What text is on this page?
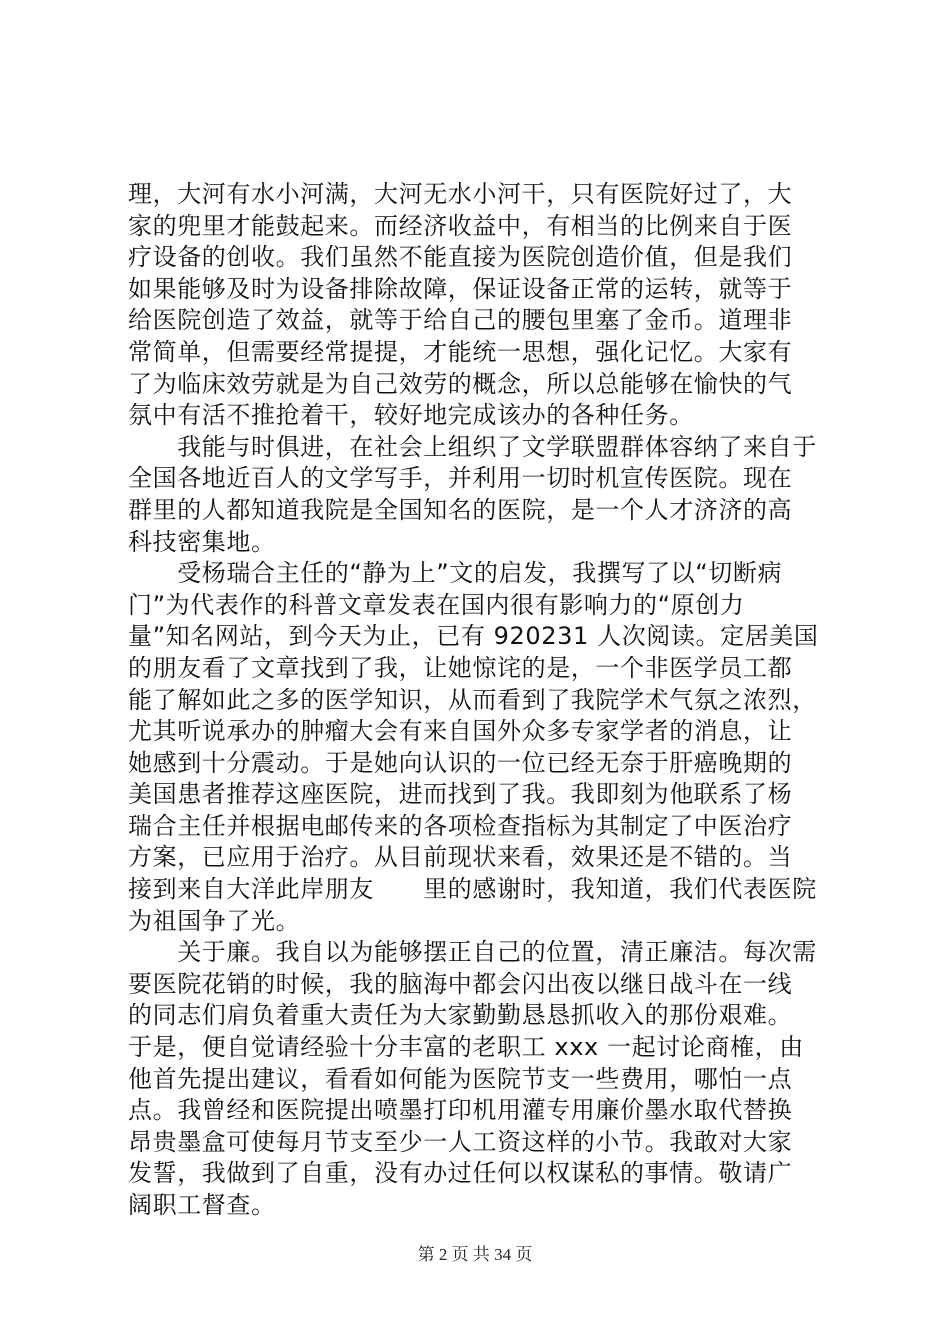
理，大河有水小河满，大河无水小河干，只有医院好过了，大
家的兜里才能鼓起来。而经济收益中，有相当的比例来自于医
疗设备的创收。我们虽然不能直接为医院创造价值，但是我们
如果能够及时为设备排除故障，保证设备正常的运转，就等于
给医院创造了效益，就等于给自己的腰包里塞了金币。道理非
常简单，但需要经常提提，才能统一思想，强化记忆。大家有
了为临床效劳就是为自己效劳的概念，所以总能够在愉快的气
氛中有活不推抢着干，较好地完成该办的各种任务。
　　我能与时俱进，在社会上组织了文学联盟群体容纳了来自于
全国各地近百人的文学写手，并利用一切时机宣传医院。现在
群里的人都知道我院是全国知名的医院，是一个人才济济的高
科技密集地。
　　受杨瑞合主任的“静为上”文的启发，我撰写了以“切断病
门”为代表作的科普文章发表在国内很有影响力的“原创力
量”知名网站，到今天为止，已有 920231 人次阅读。定居美国
的朋友看了文章找到了我，让她惊诧的是，一个非医学员工都
能了解如此之多的医学知识，从而看到了我院学术气氛之浓烈，
尤其听说承办的肿瘤大会有来自国外众多专家学者的消息，让
她感到十分震动。于是她向认识的一位已经无奈于肝癌晚期的
美国患者推荐这座医院，进而找到了我。我即刻为他联系了杨
瑞合主任并根据电邮传来的各项检查指标为其制定了中医治疗
方案，已应用于治疗。从目前现状来看，效果还是不错的。当
接到来自大洋此岸朋友　　里的感谢时，我知道，我们代表医院
为祖国争了光。
　　关于廉。我自以为能够摆正自己的位置，清正廉洁。每次需
要医院花销的时候，我的脑海中都会闪出夜以继日战斗在一线
的同志们肩负着重大责任为大家勤勤恳恳抓收入的那份艰难。
于是，便自觉请经验十分丰富的老职工 xxx 一起讨论商榷，由
他首先提出建议，看看如何能为医院节支一些费用，哪怕一点
点。我曾经和医院提出喷墨打印机用灌专用廉价墨水取代替换
昂贵墨盒可使每月节支至少一人工资这样的小节。我敢对大家
发誓，我做到了自重，没有办过任何以权谋私的事情。敬请广
阔职工督查。
第 2 页 共 34 页
